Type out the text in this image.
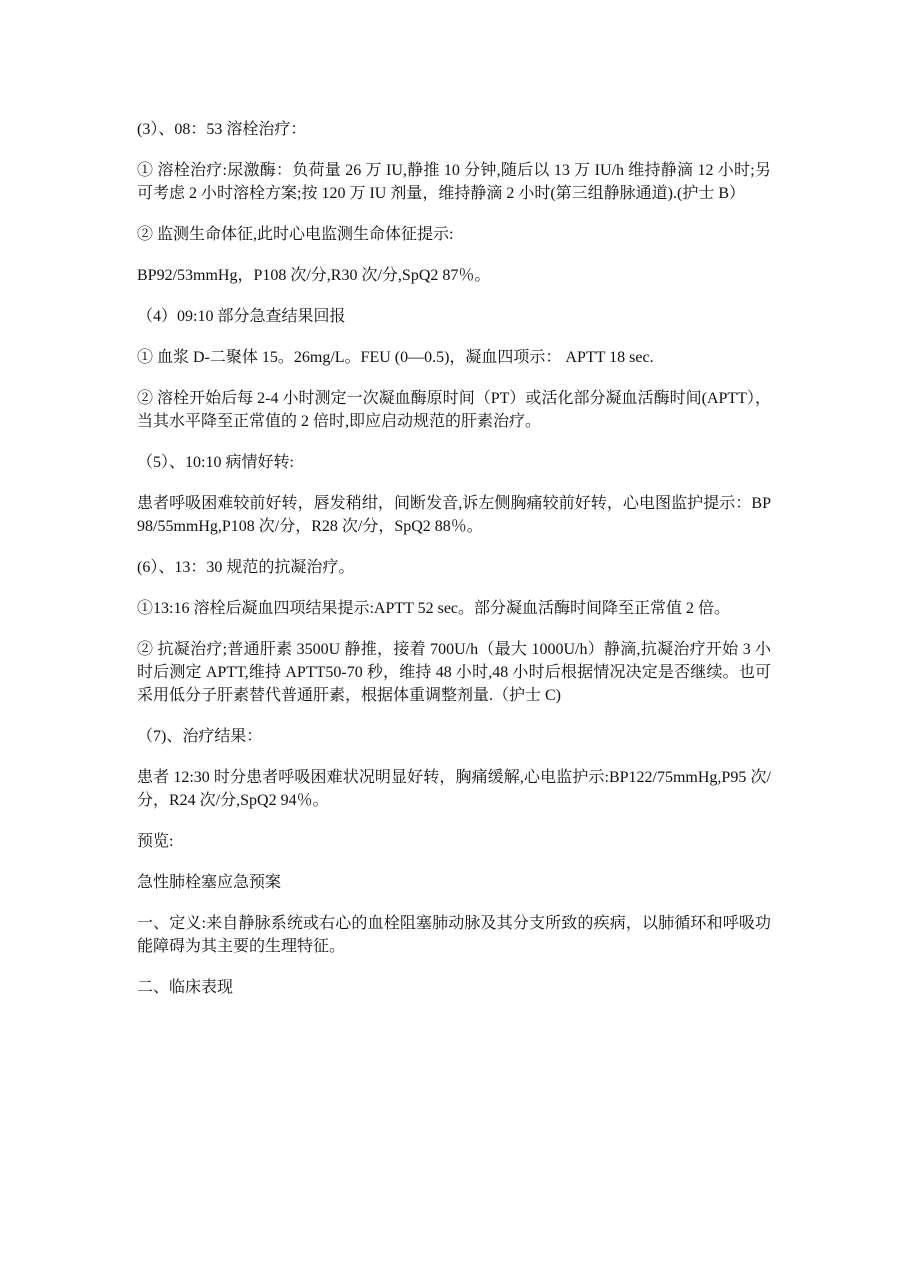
(3）、08：53 溶栓治疗：

① 溶栓治疗:尿激酶：负荷量 26 万 IU,静推 10 分钟,随后以 13 万 IU/h 维持静滴 12 小时;另可考虑 2 小时溶栓方案;按 120 万 IU 剂量，维持静滴 2 小时(第三组静脉通道).(护士 B）

② 监测生命体征,此时心电监测生命体征提示:

BP92/53mmHg，P108 次/分,R30 次/分,SpQ2 87％。

（4）09:10 部分急查结果回报

① 血浆 D-二聚体 15。26mg/L。FEU (0—0.5)，凝血四项示： APTT 18 sec.

② 溶栓开始后每 2-4 小时测定一次凝血酶原时间（PT）或活化部分凝血活酶时间(APTT），当其水平降至正常值的 2 倍时,即应启动规范的肝素治疗。

（5）、10:10 病情好转:

患者呼吸困难较前好转，唇发稍绀，间断发音,诉左侧胸痛较前好转，心电图监护提示：BP98/55mmHg,P108 次/分，R28 次/分，SpQ2 88％。

(6）、13：30 规范的抗凝治疗。

①13:16 溶栓后凝血四项结果提示:APTT 52 sec。部分凝血活酶时间降至正常值 2 倍。

② 抗凝治疗;普通肝素 3500U 静推，接着 700U/h（最大 1000U/h）静滴,抗凝治疗开始 3 小时后测定 APTT,维持 APTT50-70 秒，维持 48 小时,48 小时后根据情况决定是否继续。也可采用低分子肝素替代普通肝素，根据体重调整剂量.（护士 C)

（7)、治疗结果：

患者 12:30 时分患者呼吸困难状况明显好转，胸痛缓解,心电监护示:BP122/75mmHg,P95 次/分，R24 次/分,SpQ2 94％。

预览:

急性肺栓塞应急预案

一、定义:来自静脉系统或右心的血栓阻塞肺动脉及其分支所致的疾病，以肺循环和呼吸功能障碍为其主要的生理特征。

二、临床表现
